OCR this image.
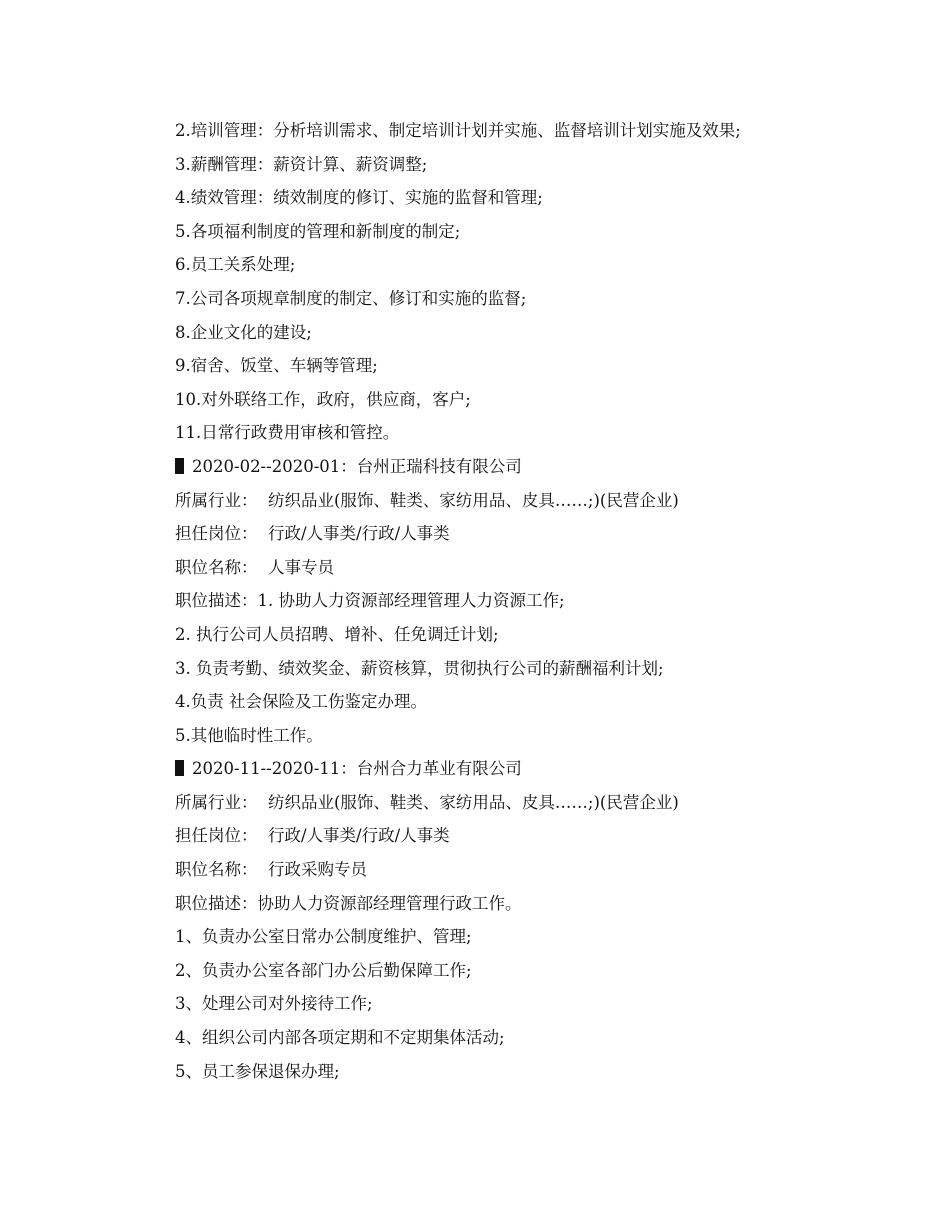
2.培训管理：分析培训需求、制定培训计划并实施、监督培训计划实施及效果;
3.薪酬管理：薪资计算、薪资调整;
4.绩效管理：绩效制度的修订、实施的监督和管理;
5.各项福利制度的管理和新制度的制定;
6.员工关系处理;
7.公司各项规章制度的制定、修订和实施的监督;
8.企业文化的建设;
9.宿舍、饭堂、车辆等管理;
10.对外联络工作，政府，供应商，客户;
11.日常行政费用审核和管控。
2020-02--2020-01：台州正瑞科技有限公司
所属行业：  纺织品业(服饰、鞋类、家纺用品、皮具……;)(民营企业)
担任岗位：  行政/人事类/行政/人事类
职位名称：  人事专员
职位描述：1. 协助人力资源部经理管理人力资源工作;
2. 执行公司人员招聘、增补、任免调迁计划;
3. 负责考勤、绩效奖金、薪资核算，贯彻执行公司的薪酬福利计划;
4.负责 社会保险及工伤鉴定办理。
5.其他临时性工作。
2020-11--2020-11：台州合力革业有限公司
所属行业：  纺织品业(服饰、鞋类、家纺用品、皮具……;)(民营企业)
担任岗位：  行政/人事类/行政/人事类
职位名称：  行政采购专员
职位描述：协助人力资源部经理管理行政工作。
1、负责办公室日常办公制度维护、管理;
2、负责办公室各部门办公后勤保障工作;
3、处理公司对外接待工作;
4、组织公司内部各项定期和不定期集体活动;
5、员工参保退保办理;
